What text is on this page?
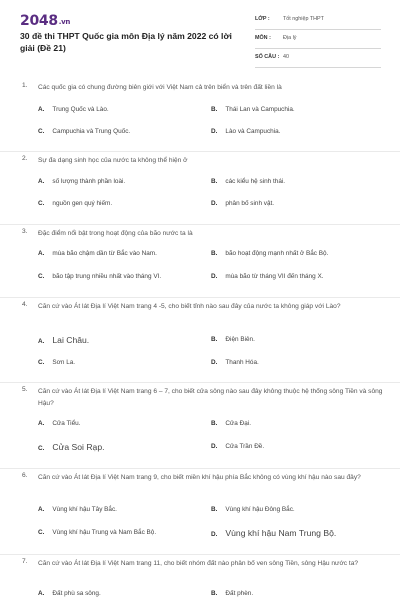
2048.vn
30 đề thi THPT Quốc gia môn Địa lý năm 2022 có lời giải (Đề 21)
LỚP : Tốt nghiệp THPT
MÔN : Địa lý
SỐ CÂU : 40
1. Các quốc gia có chung đường biên giới với Việt Nam cả trên biển và trên đất liền là
A. Trung Quốc và Lào.	B. Thái Lan và Campuchia.
C. Campuchia và Trung Quốc.	D. Lào và Campuchia.
2. Sự đa dạng sinh học của nước ta không thể hiện ở
A. số lượng thành phần loài.	B. các kiểu hệ sinh thái.
C. nguồn gen quý hiếm.	D. phân bố sinh vật.
3. Đặc điểm nổi bật trong hoạt động của bão nước ta là
A. mùa bão chậm dần từ Bắc vào Nam.	B. bão hoạt động mạnh nhất ở Bắc Bộ.
C. bão tập trung nhiều nhất vào tháng VI.	D. mùa bão từ tháng VII đến tháng X.
4. Căn cứ vào Át lát Địa lí Việt Nam trang 4 -5, cho biết tỉnh nào sau đây của nước ta không giáp với Lào?
A. Lai Châu.	B. Điện Biên.
C. Sơn La.	D. Thanh Hóa.
5. Căn cứ vào Át lát Địa lí Việt Nam trang 6 – 7, cho biết cửa sông nào sau đây không thuộc hệ thống sông Tiền và sông Hậu?
A. Cửa Tiểu.	B. Cửa Đại.
C. Cửa Soi Rạp.	D. Cửa Trần Đề.
6. Căn cứ vào Át lát Địa lí Việt Nam trang 9, cho biết miền khí hậu phía Bắc không có vùng khí hậu nào sau đây?
A. Vùng khí hậu Tây Bắc.	B. Vùng khí hậu Đông Bắc.
C. Vùng khí hậu Trung và Nam Bắc Bộ.	D. Vùng khí hậu Nam Trung Bộ.
7. Căn cứ vào Át lát Địa lí Việt Nam trang 11, cho biết nhóm đất nào phân bố ven sông Tiền, sông Hậu nước ta?
A. Đất phù sa sông.	B. Đất phèn.
